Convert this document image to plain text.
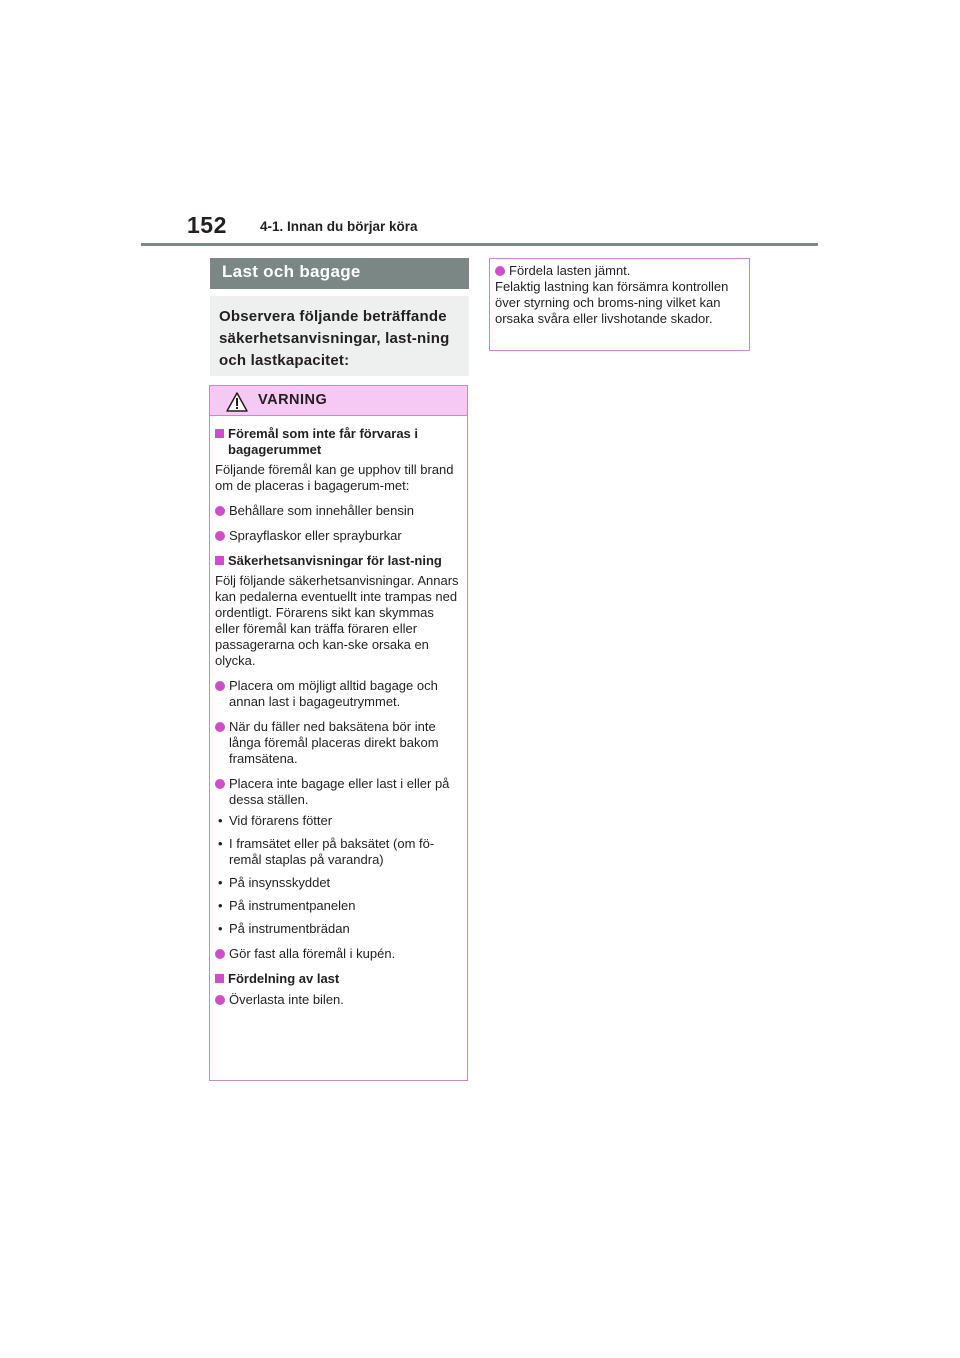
152 4-1. Innan du börjar köra
Last och bagage
Observera följande beträffande säkerhetsanvisningar, last-ning och lastkapacitet:
VARNING
Föremål som inte får förvaras i bagagerummet
Följande föremål kan ge upphov till brand om de placeras i bagagerum-met:
Behållare som innehåller bensin
Sprayflaskor eller sprayburkar
Säkerhetsanvisningar för last-ning
Följ följande säkerhetsanvisningar. Annars kan pedalerna eventuellt inte trampas ned ordentligt. Förarens sikt kan skymmas eller föremål kan träffa föraren eller passagerarna och kan-ske orsaka en olycka.
Placera om möjligt alltid bagage och annan last i bagageutrymmet.
När du fäller ned baksätena bör inte långa föremål placeras direkt bakom framsätena.
Placera inte bagage eller last i eller på dessa ställen.
• Vid förarens fötter
• I framsätet eller på baksätet (om fö-remål staplas på varandra)
• På insynsskyddet
• På instrumentpanelen
• På instrumentbrädan
Gör fast alla föremål i kupén.
Fördelning av last
Överlasta inte bilen.
Fördela lasten jämnt.
Felaktig lastning kan försämra kontrollen över styrning och broms-ning vilket kan orsaka svåra eller livshotande skador.
